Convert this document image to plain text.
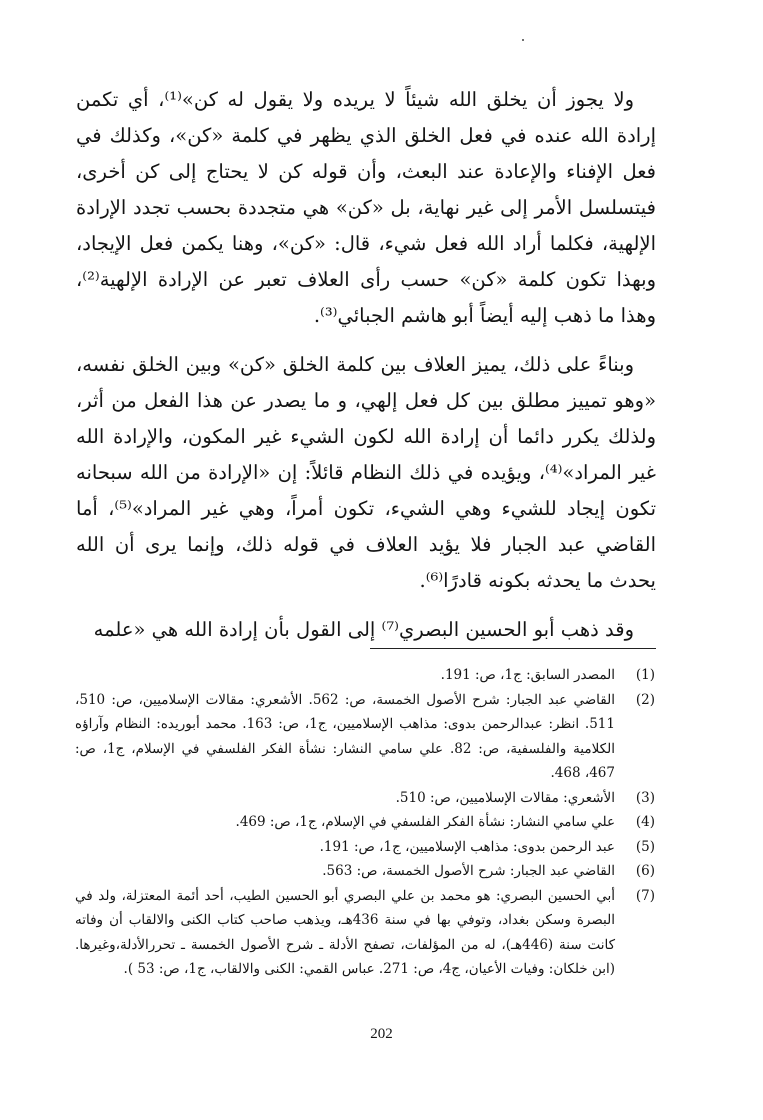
ولا يجوز أن يخلق الله شيئاً لا يريده ولا يقول له كن»⁽¹⁾، أي تكمن إرادة الله عنده في فعل الخلق الذي يظهر في كلمة «كن»، وكذلك في فعل الإفناء والإعادة عند البعث، وأن قوله كن لا يحتاج إلى كن أخرى، فيتسلسل الأمر إلى غير نهاية، بل «كن» هي متجددة بحسب تجدد الإرادة الإلهية، فكلما أراد الله فعل شيء، قال: «كن»، وهنا يكمن فعل الإيجاد، وبهذا تكون كلمة «كن» حسب رأى العلاف تعبر عن الإرادة الإلهية⁽²⁾، وهذا ما ذهب إليه أيضاً أبو هاشم الجبائي⁽³⁾.

وبناءً على ذلك، يميز العلاف بين كلمة الخلق «كن» وبين الخلق نفسه، «وهو تمييز مطلق بين كل فعل إلهي، و ما يصدر عن هذا الفعل من أثر، ولذلك يكرر دائما أن إرادة الله لكون الشيء غير المكون، والإرادة الله غير المراد»⁽⁴⁾، ويؤيده في ذلك النظام قائلاً: إن «الإرادة من الله سبحانه تكون إيجاد للشيء وهي الشيء، تكون أمراً، وهي غير المراد»⁽⁵⁾، أما القاضي عبد الجبار فلا يؤيد العلاف في قوله ذلك، وإنما يرى أن الله يحدث ما يحدثه بكونه قادرًا⁽⁶⁾.

وقد ذهب أبو الحسين البصري⁽⁷⁾ إلى القول بأن إرادة الله هي «علمه

(1)
المصدر السابق: ج1، ص: 191.
(2)
القاضي عبد الجبار: شرح الأصول الخمسة، ص: 562. الأشعري: مقالات الإسلاميين، ص: 510، 511. انظر: عبدالرحمن بدوى: مذاهب الإسلاميين، ج1، ص: 163. محمد أبوريده: النظام وآراؤه الكلامية والفلسفية، ص: 82. علي سامي النشار: نشأة الفكر الفلسفي في الإسلام، ج1، ص: 467، 468.
(3)
الأشعري: مقالات الإسلاميين، ص: 510.
(4)
علي سامي النشار: نشأة الفكر الفلسفي في الإسلام، ج1، ص: 469.
(5)
عبد الرحمن بدوى: مذاهب الإسلاميين، ج1، ص: 191.
(6)
القاضي عبد الجبار: شرح الأصول الخمسة، ص: 563.
(7)
أبي الحسين البصري: هو محمد بن علي البصري أبو الحسين الطيب، أحد أئمة المعتزلة، ولد في البصرة وسكن بغداد، وتوفي بها في سنة 436هـ، ويذهب صاحب كتاب الكنى والالقاب أن وفاته كانت سنة (446هـ)، له من المؤلفات، تصفح الأدلة ـ شرح الأصول الخمسة ـ تحررالأدلة،وغيرها.(ابن خلكان: وفيات الأعيان، ج4، ص: 271. عباس القمي: الكنى والالقاب، ج1، ص: 53 ).
202
